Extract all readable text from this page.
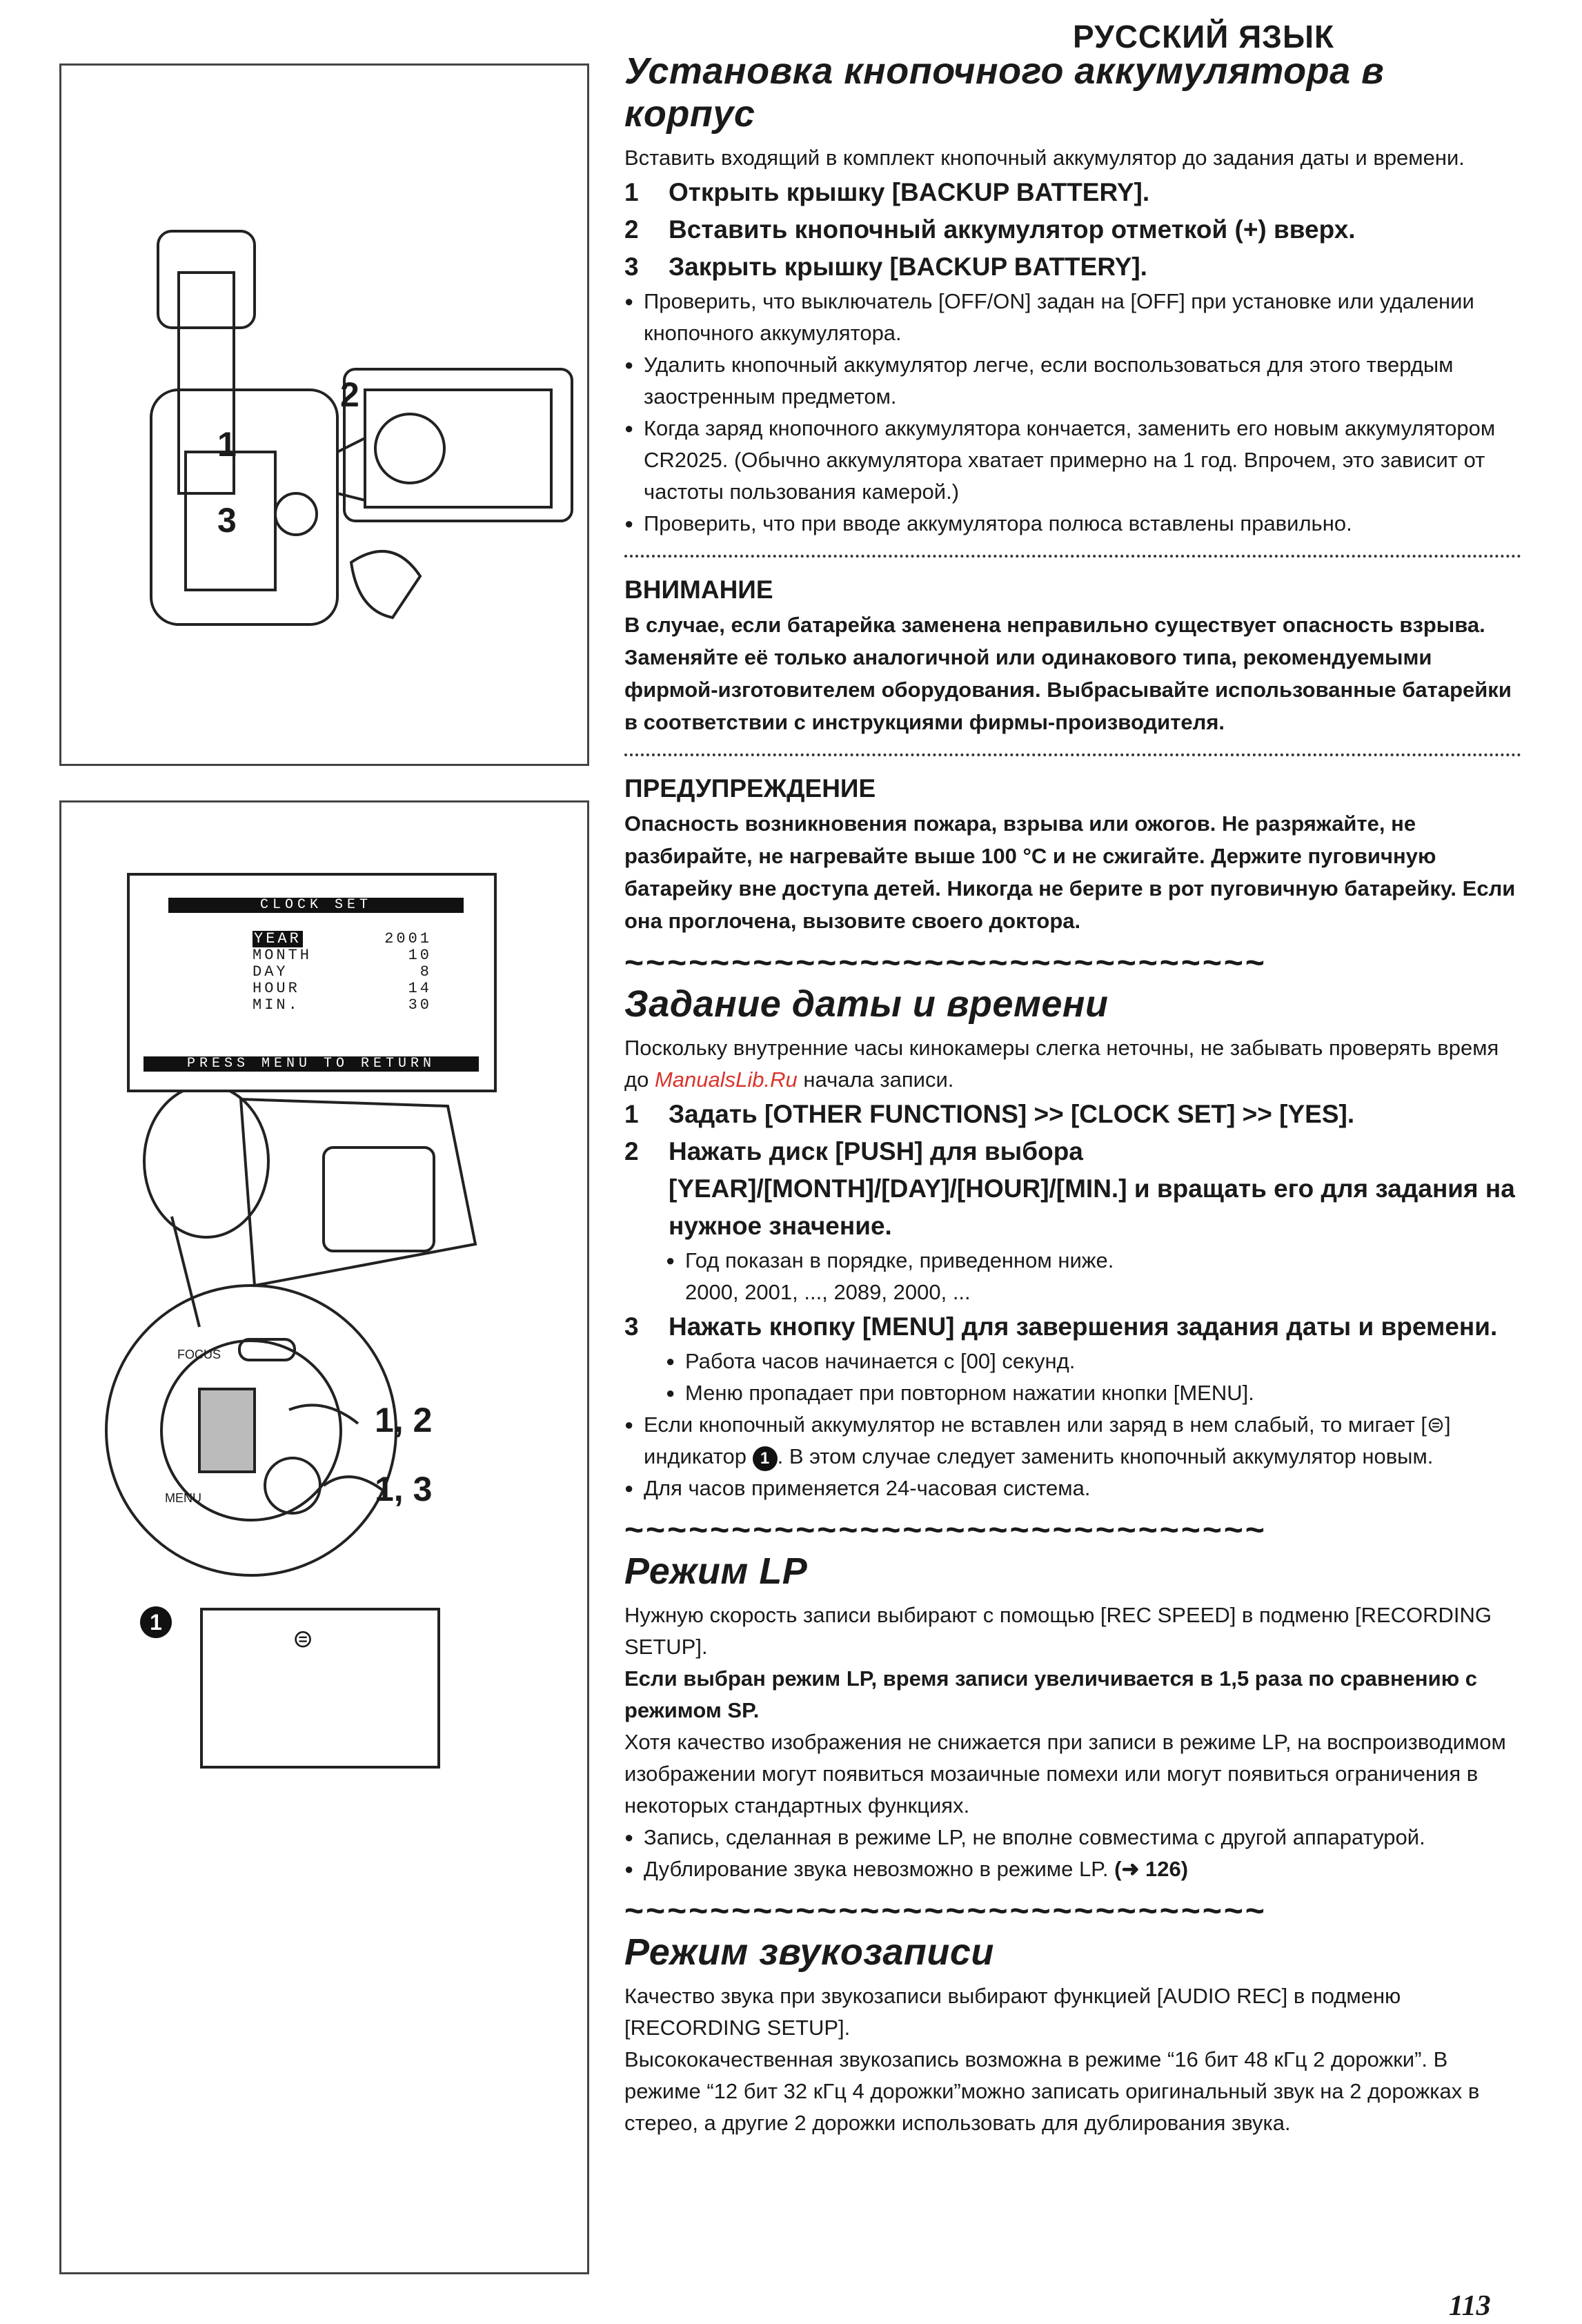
РУССКИЙ ЯЗЫК
2
1
3
FOCUS
MENU
1, 2
1, 3
CLOCK SET
YEAR	2001
MONTH	10
DAY	8
HOUR	14
MIN.	30
PRESS MENU TO RETURN
1
⊜
Установка кнопочного аккумулятора в корпус

Вставить входящий в комплект кнопочный аккумулятор до задания даты и времени.

1	Открыть крышку [BACKUP BATTERY].
2	Вставить кнопочный аккумулятор отметкой (+) вверх.
3	Закрыть крышку [BACKUP BATTERY].
● Проверить, что выключатель [OFF/ON] задан на [OFF] при установке или удалении кнопочного аккумулятора.
● Удалить кнопочный аккумулятор легче, если воспользоваться для этого твердым заостренным предметом.
● Когда заряд кнопочного аккумулятора кончается, заменить его новым аккумулятором CR2025. (Обычно аккумулятора хватает примерно на 1 год. Впрочем, это зависит от частоты пользования камерой.)
● Проверить, что при вводе аккумулятора полюса вставлены правильно.
ВНИМАНИЕ
В случае, если батарейка заменена неправильно существует опасность взрыва. Заменяйте её только аналогичной или одинакового типа, рекомендуемыми фирмой-изготовителем оборудования. Выбрасывайте использованные батарейки в соответствии с инструкциями фирмы-производителя.
ПРЕДУПРЕЖДЕНИЕ
Опасность возникновения пожара, взрыва или ожогов. Не разряжайте, не разбирайте, не нагревайте выше 100 °C и не сжигайте. Держите пуговичную батарейку вне доступа детей. Никогда не берите в рот пуговичную батарейку. Если она проглочена, вызовите своего доктора.
~~~~~~~~~~~~~~~~~~~~~~~~~~~~~~
Задание даты и времени

Поскольку внутренние часы кинокамеры слегка неточны, не забывать проверять время до ManualsLib.Ru начала записи.

1	Задать [OTHER FUNCTIONS] >> [CLOCK SET] >> [YES].
2	Нажать диск [PUSH] для выбора [YEAR]/[MONTH]/[DAY]/[HOUR]/[MIN.] и вращать его для задания на нужное значение.
● Год показан в порядке, приведенном ниже.

2000, 2001, ..., 2089, 2000, ...

3	Нажать кнопку [MENU] для завершения задания даты и времени.
● Работа часов начинается с [00] секунд.
● Меню пропадает при повторном нажатии кнопки [MENU].
● Если кнопочный аккумулятор не вставлен или заряд в нем слабый, то мигает [⊜]
индикатор 1 . В этом случае следует заменить кнопочный аккумулятор новым.
● Для часов применяется 24-часовая система.
~~~~~~~~~~~~~~~~~~~~~~~~~~~~~~
Режим LP

Нужную скорость записи выбирают с помощью [REC SPEED] в подменю [RECORDING SETUP].

Если выбран режим LP, время записи увеличивается в 1,5 раза по сравнению с режимом SP.

Хотя качество изображения не снижается при записи в режиме LP, на воспроизводимом изображении могут появиться мозаичные помехи или могут появиться ограничения в некоторых стандартных функциях.

● Запись, сделанная в режиме LP, не вполне совместима с другой аппаратурой.
● Дублирование звука невозможно в режиме LP. (➜ 126)
~~~~~~~~~~~~~~~~~~~~~~~~~~~~~~
Режим звукозаписи

Качество звука при звукозаписи выбирают функцией [AUDIO REC] в подменю [RECORDING SETUP].

Высококачественная звукозапись возможна в режиме “16 бит 48 кГц 2 дорожки”. В режиме “12 бит 32 кГц 4 дорожки”можно записать оригинальный звук на 2 дорожках в стерео, а другие 2 дорожки использовать для дублирования звука.

113
